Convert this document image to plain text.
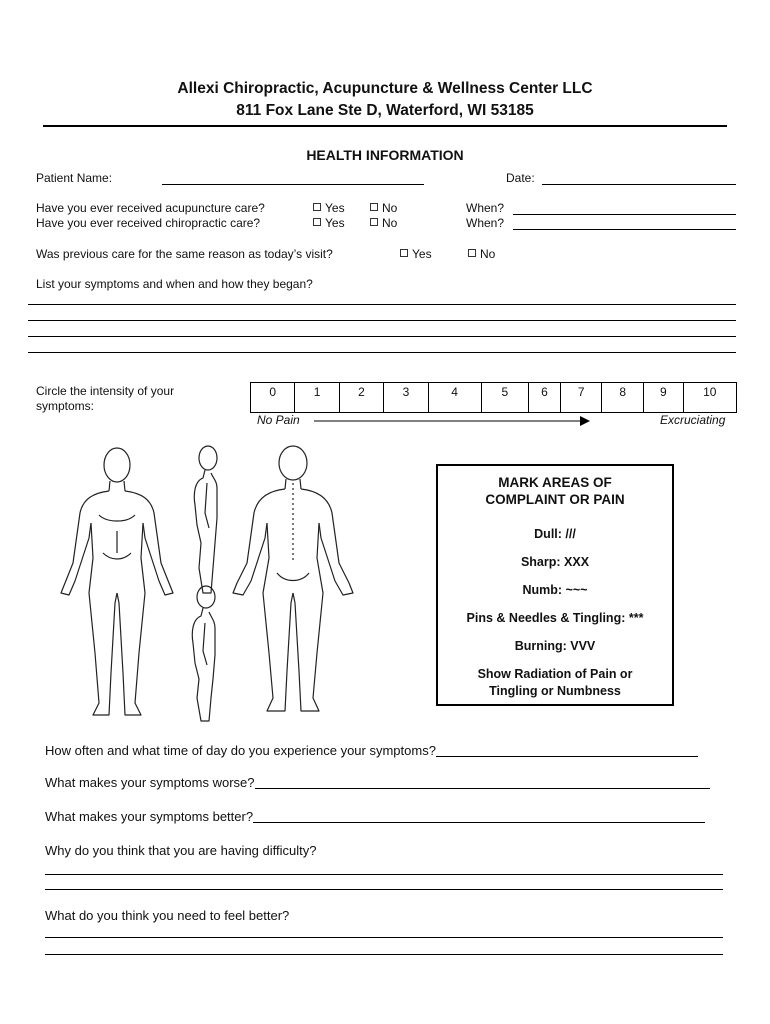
Allexi Chiropractic, Acupuncture & Wellness Center LLC
811 Fox Lane Ste D, Waterford, WI 53185
HEALTH INFORMATION
Patient Name:	Date:
Have you ever received acupuncture care?	Yes	No	When?
Have you ever received chiropractic care?	Yes	No	When?
Was previous care for the same reason as today’s visit?	Yes	No
List your symptoms and when and how they began?
Circle the intensity of your
symptoms:
0	1	2	3	4	5	6	7	8	9	10
No Pain	Excruciating
MARK AREAS OF
COMPLAINT OR PAIN
Dull: ///
Sharp: XXX
Numb: ~~~
Pins & Needles & Tingling: ***
Burning: VVV
Show Radiation of Pain or
Tingling or Numbness
How often and what time of day do you experience your symptoms?
What makes your symptoms worse?
What makes your symptoms better?
Why do you think that you are having difficulty?
What do you think you need to feel better?
